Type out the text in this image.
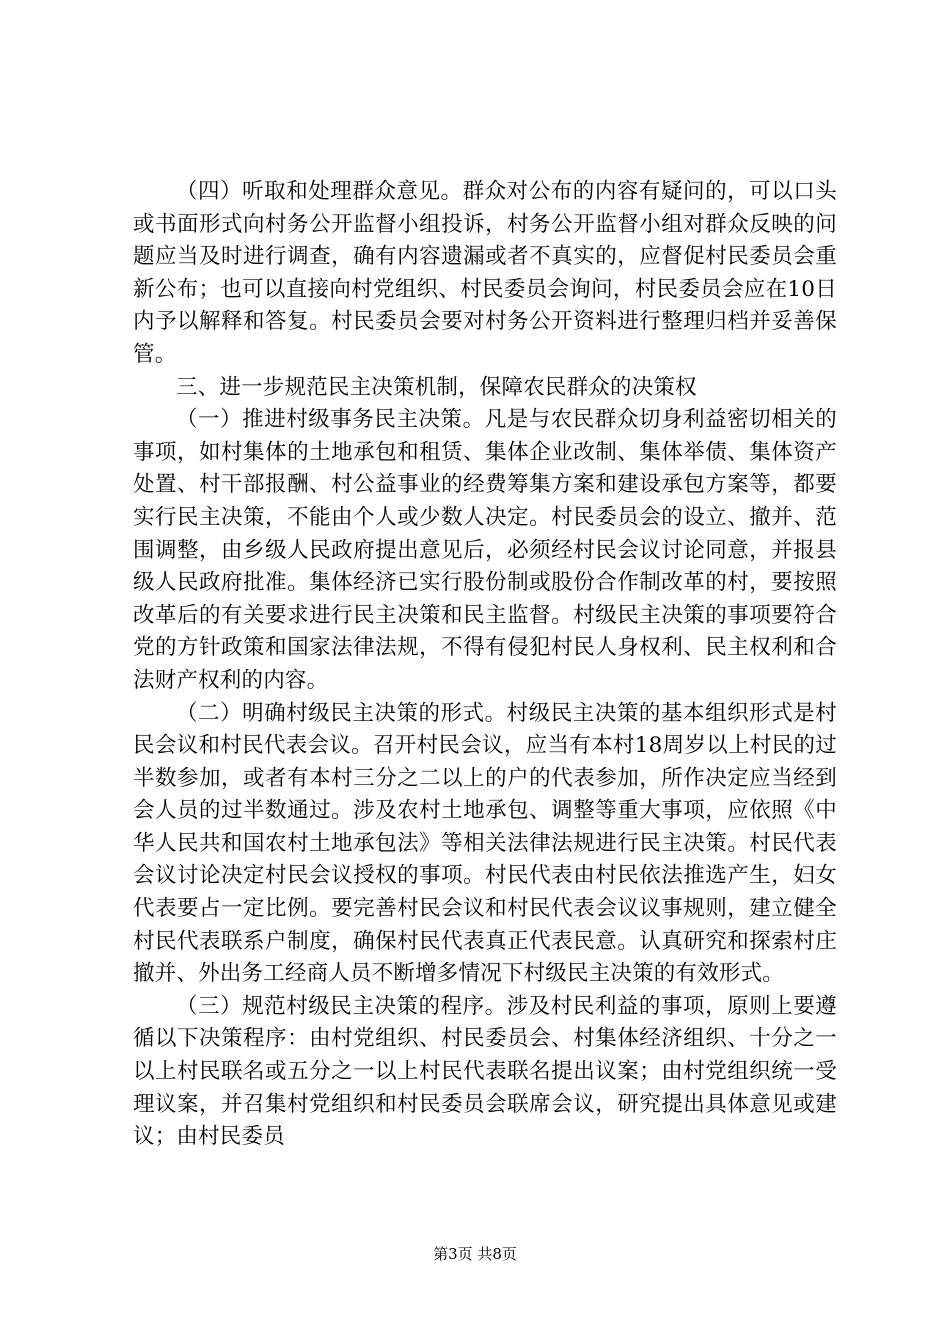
（四）听取和处理群众意见。群众对公布的内容有疑问的，可以口头或书面形式向村务公开监督小组投诉，村务公开监督小组对群众反映的问题应当及时进行调查，确有内容遗漏或者不真实的，应督促村民委员会重新公布；也可以直接向村党组织、村民委员会询问，村民委员会应在10日内予以解释和答复。村民委员会要对村务公开资料进行整理归档并妥善保管。

三、进一步规范民主决策机制，保障农民群众的决策权

（一）推进村级事务民主决策。凡是与农民群众切身利益密切相关的事项，如村集体的土地承包和租赁、集体企业改制、集体举债、集体资产处置、村干部报酬、村公益事业的经费筹集方案和建设承包方案等，都要实行民主决策，不能由个人或少数人决定。村民委员会的设立、撤并、范围调整，由乡级人民政府提出意见后，必须经村民会议讨论同意，并报县级人民政府批准。集体经济已实行股份制或股份合作制改革的村，要按照改革后的有关要求进行民主决策和民主监督。村级民主决策的事项要符合党的方针政策和国家法律法规，不得有侵犯村民人身权利、民主权利和合法财产权利的内容。

（二）明确村级民主决策的形式。村级民主决策的基本组织形式是村民会议和村民代表会议。召开村民会议，应当有本村18周岁以上村民的过半数参加，或者有本村三分之二以上的户的代表参加，所作决定应当经到会人员的过半数通过。涉及农村土地承包、调整等重大事项，应依照《中华人民共和国农村土地承包法》等相关法律法规进行民主决策。村民代表会议讨论决定村民会议授权的事项。村民代表由村民依法推选产生，妇女代表要占一定比例。要完善村民会议和村民代表会议议事规则，建立健全村民代表联系户制度，确保村民代表真正代表民意。认真研究和探索村庄撤并、外出务工经商人员不断增多情况下村级民主决策的有效形式。

（三）规范村级民主决策的程序。涉及村民利益的事项，原则上要遵循以下决策程序：由村党组织、村民委员会、村集体经济组织、十分之一以上村民联名或五分之一以上村民代表联名提出议案；由村党组织统一受理议案，并召集村党组织和村民委员会联席会议，研究提出具体意见或建议；由村民委员

第3页 共8页
